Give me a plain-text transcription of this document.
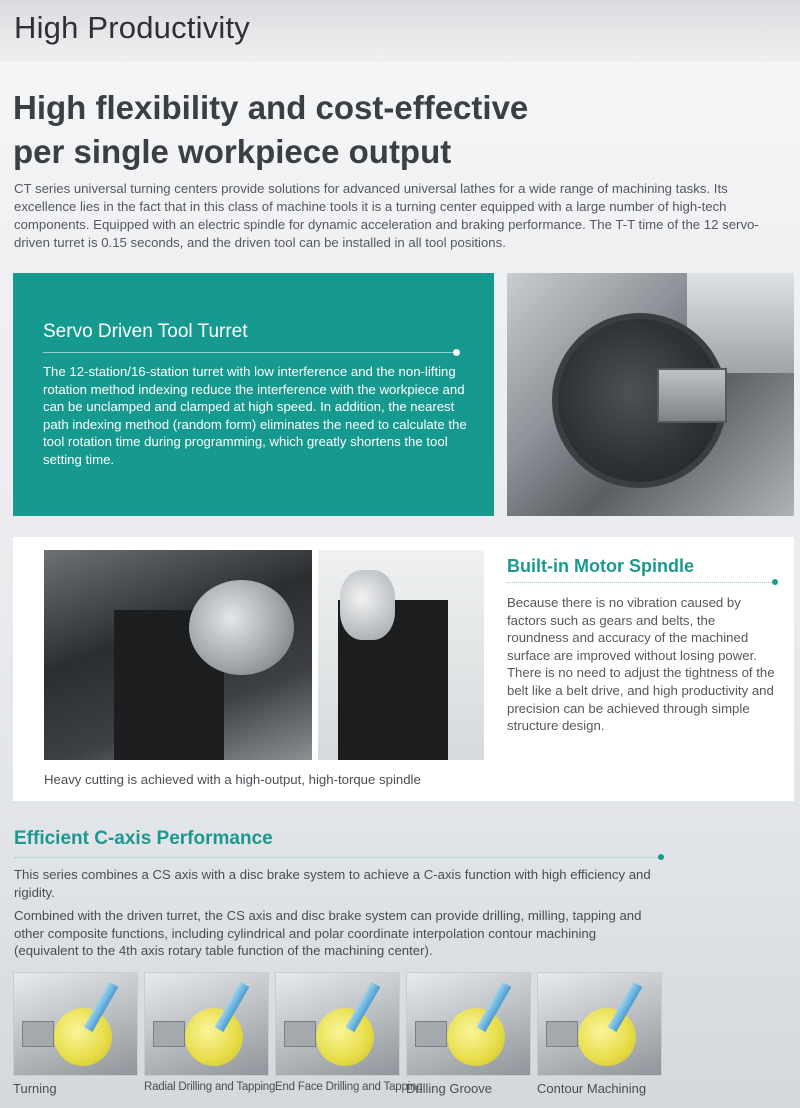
High Productivity
High flexibility and cost-effective
per single workpiece output

CT series universal turning centers provide solutions for advanced universal lathes for a wide range of machining tasks. Its excellence lies in the fact that in this class of machine tools it is a turning center equipped with a large number of high-tech components. Equipped with an electric spindle for dynamic acceleration and braking performance. The T-T time of the 12 servo-driven turret is 0.15 seconds, and the driven tool can be installed in all tool positions.

Servo Driven Tool Turret

The 12-station/16-station turret with low interference and the non-lifting rotation method indexing reduce the interference with the workpiece and can be unclamped and clamped at high speed. In addition, the nearest path indexing method (random form) eliminates the need to calculate the tool rotation time during programming, which greatly shortens the tool setting time.

Heavy cutting is achieved with a high-output, high-torque spindle
Built-in Motor Spindle

Because there is no vibration caused by factors such as gears and belts, the roundness and accuracy of the machined surface are improved without losing power. There is no need to adjust the tightness of the belt like a belt drive, and high productivity and precision can be achieved through simple structure design.

Efficient C-axis Performance

This series combines a CS axis with a disc brake system to achieve a C-axis function with high efficiency and rigidity.

Combined with the driven turret, the CS axis and disc brake system can provide drilling, milling, tapping and other composite functions, including cylindrical and polar coordinate interpolation contour machining (equivalent to the 4th axis rotary table function of the machining center).

Turning	Radial Drilling and Tapping End Face Drilling and Tapping
Drilling Groove	Contour Machining
